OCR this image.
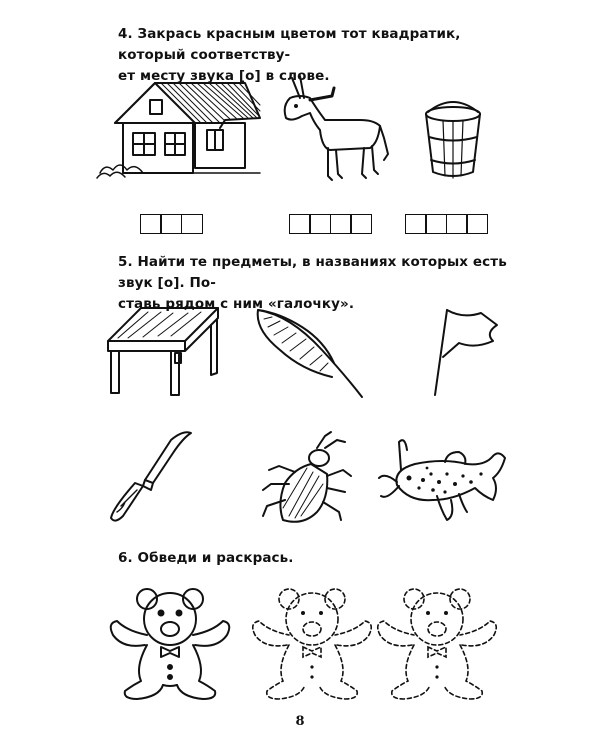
4. Закрась красным цветом тот квадратик, который соответству-
ет месту звука [о] в слове.
5. Найти те предметы, в названиях которых есть звук [о]. По-
ставь рядом с ним «галочку».
6. Обведи и раскрась.
8
